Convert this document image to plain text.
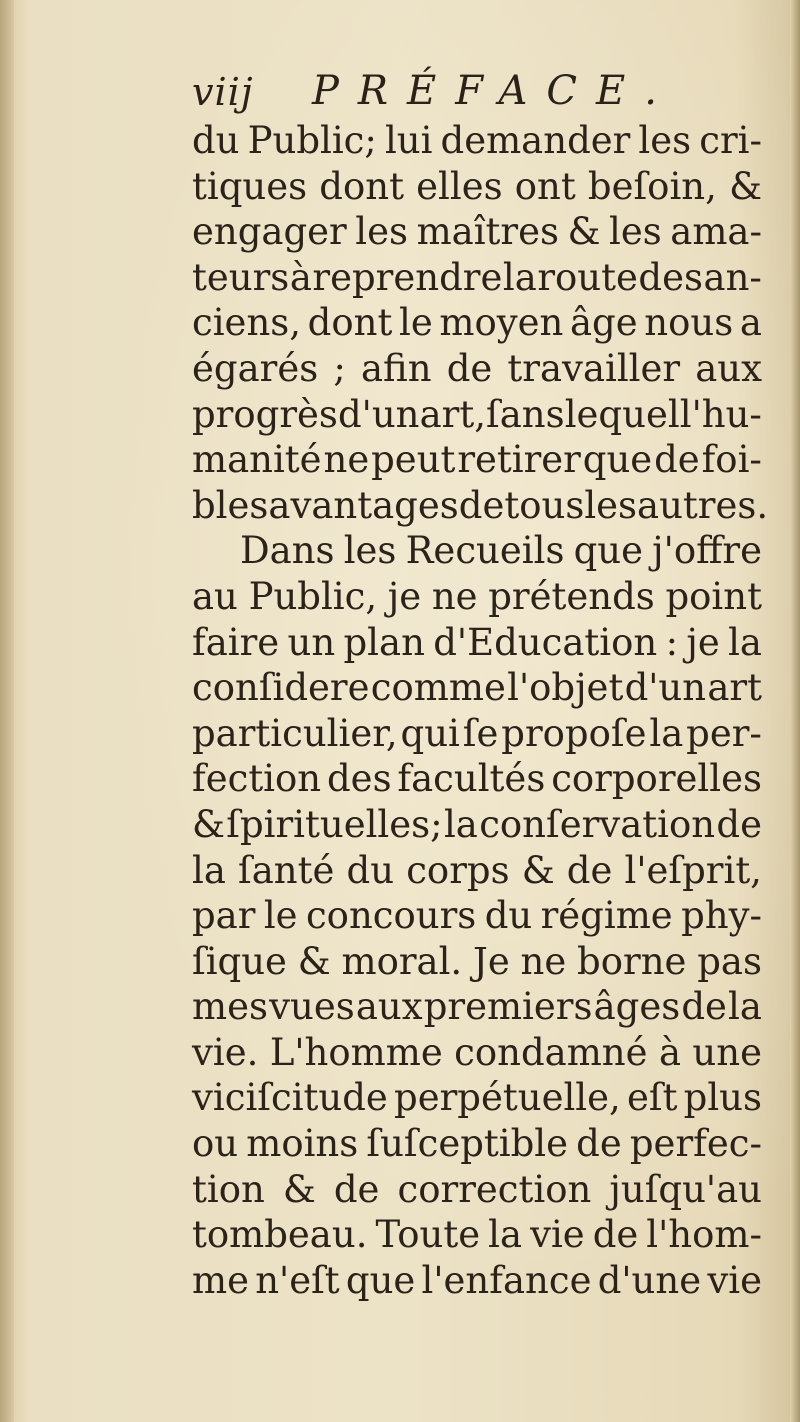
viij PRÉFACE.
du Public; lui demander les cri-
tiques dont elles ont beſoin, &
engager les maîtres & les ama-
teurs à reprendre la route des an-
ciens, dont le moyen âge nous a
égarés ; afin de travailler aux
progrès d'un art, ſans lequel l'hu-
manité ne peut retirer que de foi-
bles avantages de tous les autres.
Dans les Recueils que j'offre
au Public, je ne prétends point
faire un plan d'Education : je la
conſidere comme l'objet d'un art
particulier, qui ſe propoſe la per-
fection des facultés corporelles
& ſpirituelles; la conſervation de
la ſanté du corps & de l'eſprit,
par le concours du régime phy-
ſique & moral. Je ne borne pas
mes vues aux premiers âges de la
vie. L'homme condamné à une
viciſcitude perpétuelle, eſt plus
ou moins ſuſceptible de perfec-
tion & de correction juſqu'au
tombeau. Toute la vie de l'hom-
me n'eſt que l'enfance d'une vie
